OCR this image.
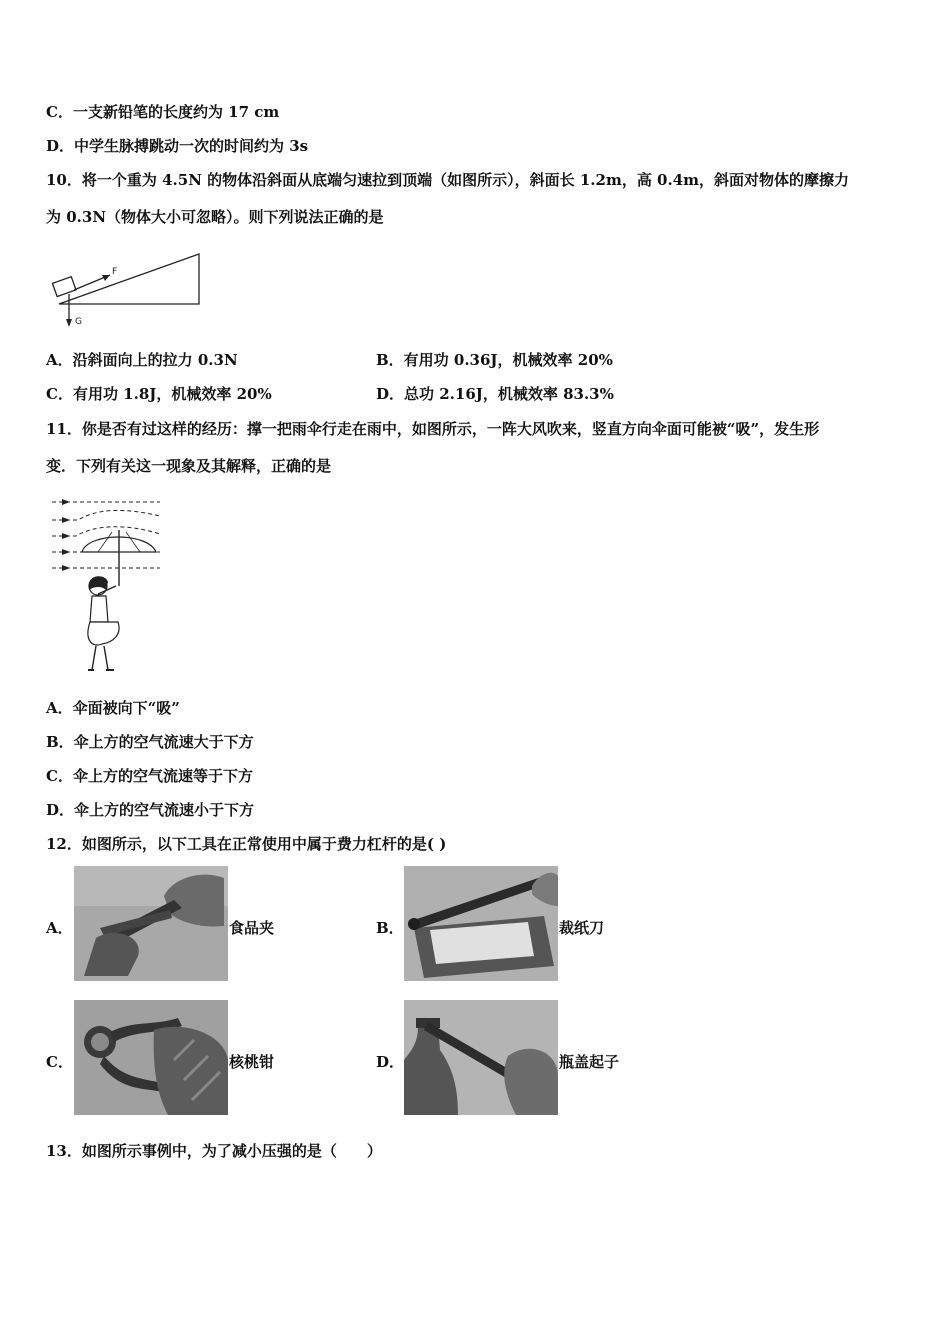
C．一支新铅笔的长度约为 17 cm
D．中学生脉搏跳动一次的时间约为 3s
10．将一个重为 4.5N 的物体沿斜面从底端匀速拉到顶端（如图所示），斜面长 1.2m，高 0.4m，斜面对物体的摩擦力
为 0.3N（物体大小可忽略）。则下列说法正确的是
F
G
A．沿斜面向上的拉力 0.3N	B．有用功 0.36J，机械效率 20%
C．有用功 1.8J，机械效率 20%	D．总功 2.16J，机械效率 83.3%
11．你是否有过这样的经历：撑一把雨伞行走在雨中，如图所示，一阵大风吹来，竖直方向伞面可能被“吸”，发生形
变．下列有关这一现象及其解释，正确的是
A．伞面被向下“吸”
B．伞上方的空气流速大于下方
C．伞上方的空气流速等于下方
D．伞上方的空气流速小于下方
12．如图所示，以下工具在正常使用中属于费力杠杆的是( )
A．	食品夹	B．	裁纸刀
C．	核桃钳	D．	瓶盖起子
13．如图所示事例中，为了减小压强的是（　　）
